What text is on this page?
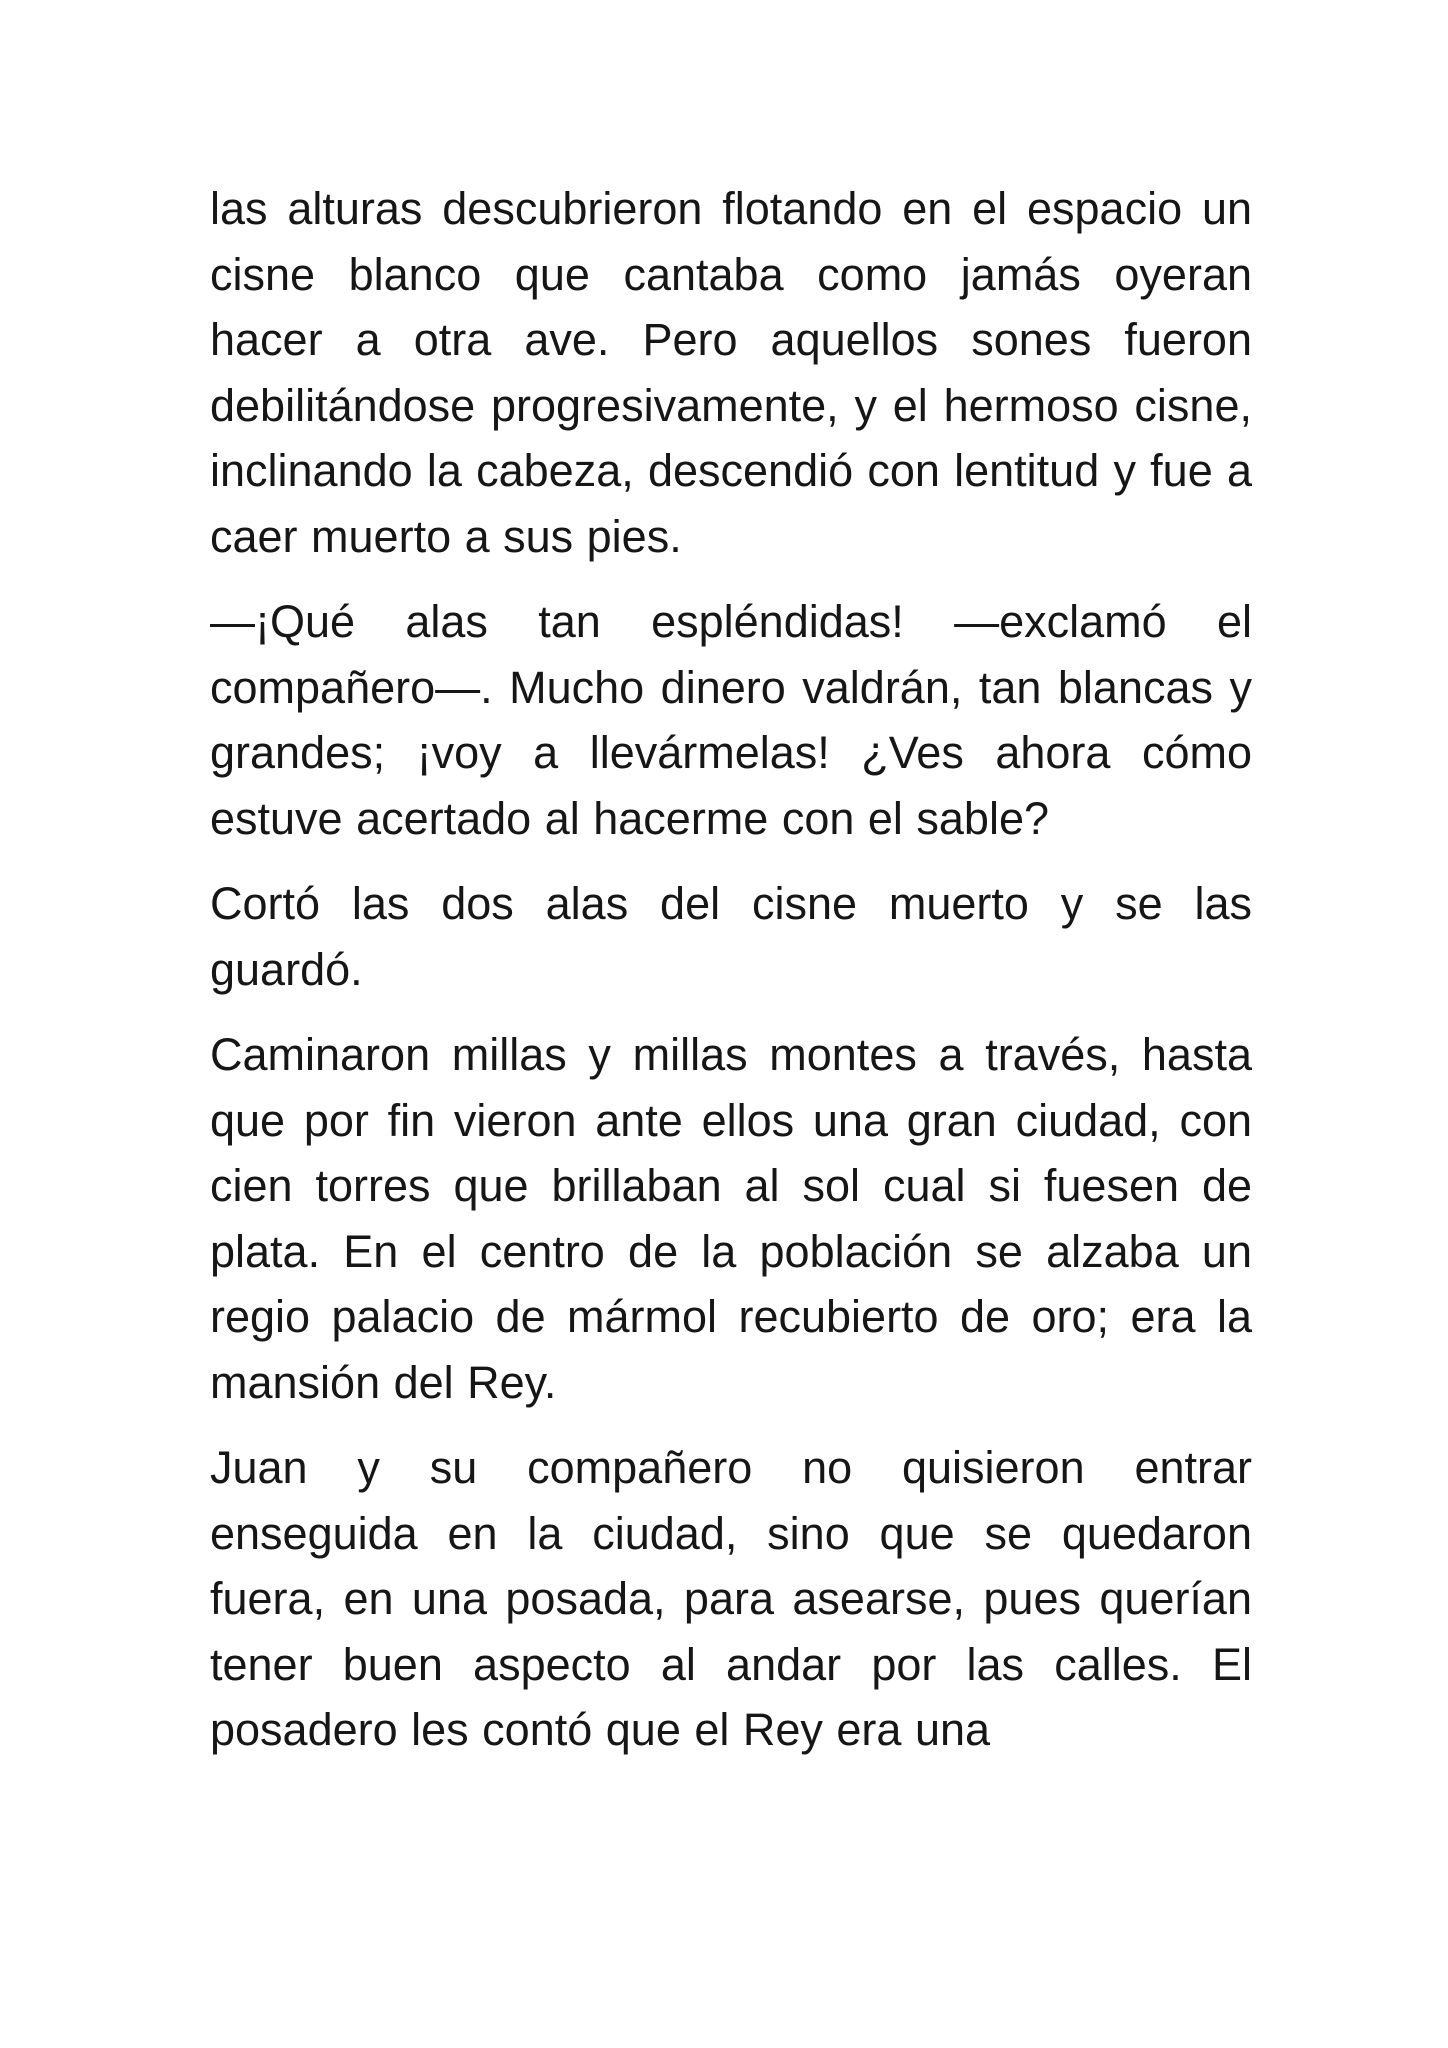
las alturas descubrieron flotando en el espacio un cisne blanco que cantaba como jamás oyeran hacer a otra ave. Pero aquellos sones fueron debilitándose progresivamente, y el hermoso cisne, inclinando la cabeza, descendió con lentitud y fue a caer muerto a sus pies.

—¡Qué alas tan espléndidas! —exclamó el compañero—. Mucho dinero valdrán, tan blancas y grandes; ¡voy a llevármelas! ¿Ves ahora cómo estuve acertado al hacerme con el sable?

Cortó las dos alas del cisne muerto y se las guardó.

Caminaron millas y millas montes a través, hasta que por fin vieron ante ellos una gran ciudad, con cien torres que brillaban al sol cual si fuesen de plata. En el centro de la población se alzaba un regio palacio de mármol recubierto de oro; era la mansión del Rey.

Juan y su compañero no quisieron entrar enseguida en la ciudad, sino que se quedaron fuera, en una posada, para asearse, pues querían tener buen aspecto al andar por las calles. El posadero les contó que el Rey era una
